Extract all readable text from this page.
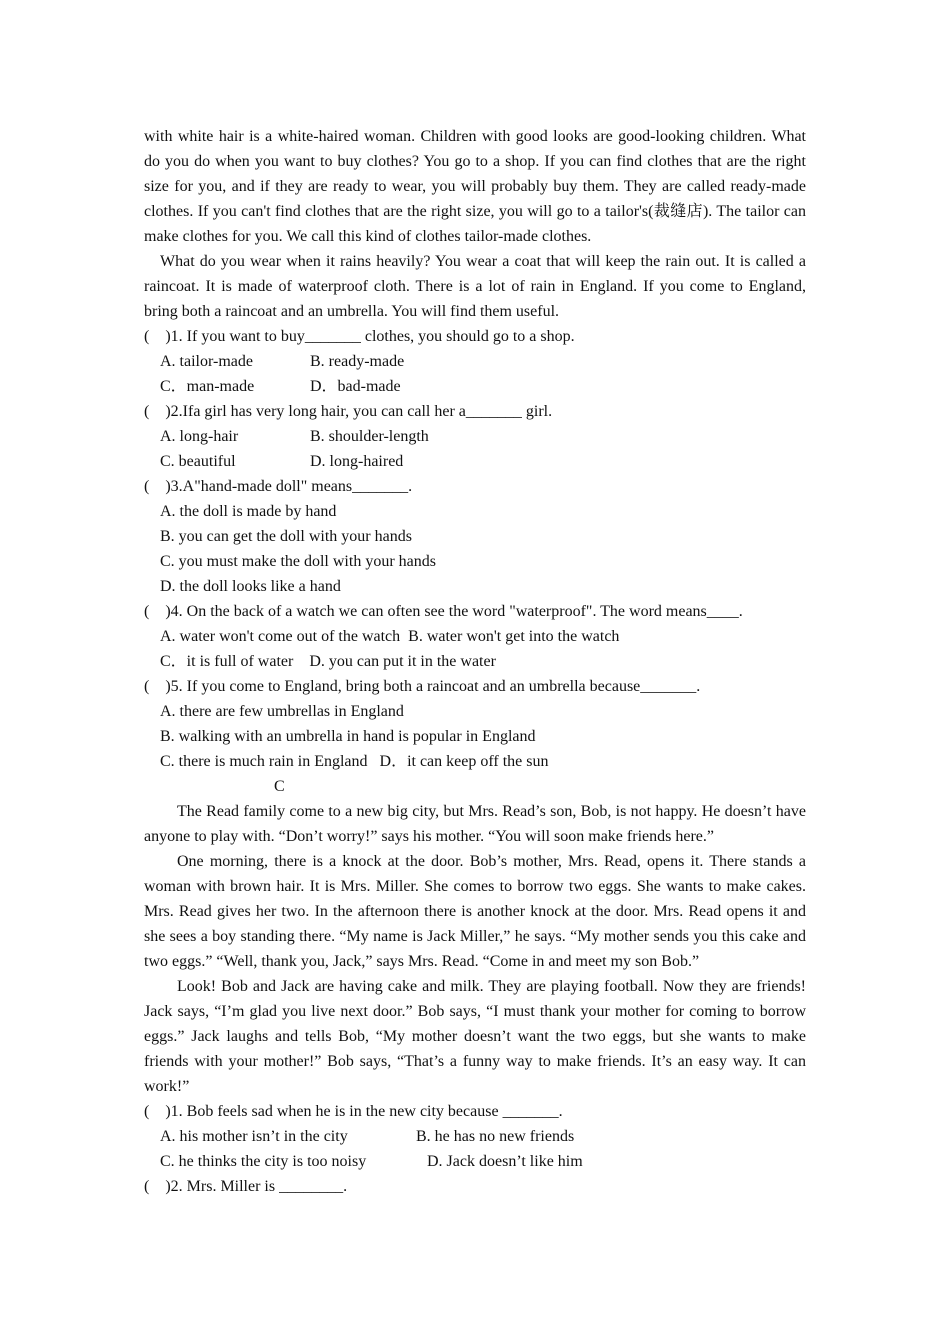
with white hair is a white-haired woman. Children with good looks are good-looking children. What do you do when you want to buy clothes? You go to a shop. If you can find clothes that are the right size for you, and if they are ready to wear, you will probably buy them. They are called ready-made clothes. If you can't find clothes that are the right size, you will go to a tailor's(裁缝店). The tailor can make clothes for you. We call this kind of clothes tailor-made clothes.

What do you wear when it rains heavily? You wear a coat that will keep the rain out. It is called a raincoat. It is made of waterproof cloth. There is a lot of rain in England. If you come to England, bring both a raincoat and an umbrella. You will find them useful.

(    )1. If you want to buy_______ clothes, you should go to a shop.

A. tailor-made	B. ready-made
C．man-made	D．bad-made

(    )2.Ifa girl has very long hair, you can call her a_______ girl.

A. long-hair	B. shoulder-length
C. beautiful	D. long-haired

(    )3.A"hand-made doll" means_______.

A. the doll is made by hand
B. you can get the doll with your hands
C. you must make the doll with your hands
D. the doll looks like a hand

(    )4. On the back of a watch we can often see the word "waterproof". The word means____.

A. water won't come out of the watch  B. water won't get into the watch
C．it is full of water    D. you can put it in the water

(    )5. If you come to England, bring both a raincoat and an umbrella because_______.

A. there are few umbrellas in England
B. walking with an umbrella in hand is popular in England
C. there is much rain in England   D．it can keep off the sun

C

The Read family come to a new big city, but Mrs. Read’s son, Bob, is not happy. He doesn’t have anyone to play with. “Don’t worry!” says his mother. “You will soon make friends here.”

One morning, there is a knock at the door. Bob’s mother, Mrs. Read, opens it. There stands a woman with brown hair. It is Mrs. Miller. She comes to borrow two eggs. She wants to make cakes. Mrs. Read gives her two. In the afternoon there is another knock at the door. Mrs. Read opens it and she sees a boy standing there. “My name is Jack Miller,” he says. “My mother sends you this cake and two eggs.” “Well, thank you, Jack,” says Mrs. Read. “Come in and meet my son Bob.”

Look! Bob and Jack are having cake and milk. They are playing football. Now they are friends! Jack says, “I’m glad you live next door.” Bob says, “I must thank your mother for coming to borrow eggs.” Jack laughs and tells Bob, “My mother doesn’t want the two eggs, but she wants to make friends with your mother!” Bob says, “That’s a funny way to make friends. It’s an easy way. It can work!”

(    )1. Bob feels sad when he is in the new city because _______.

A. his mother isn’t in the city	B. he has no new friends
C. he thinks the city is too noisy	D. Jack doesn’t like him

(    )2. Mrs. Miller is ________.
